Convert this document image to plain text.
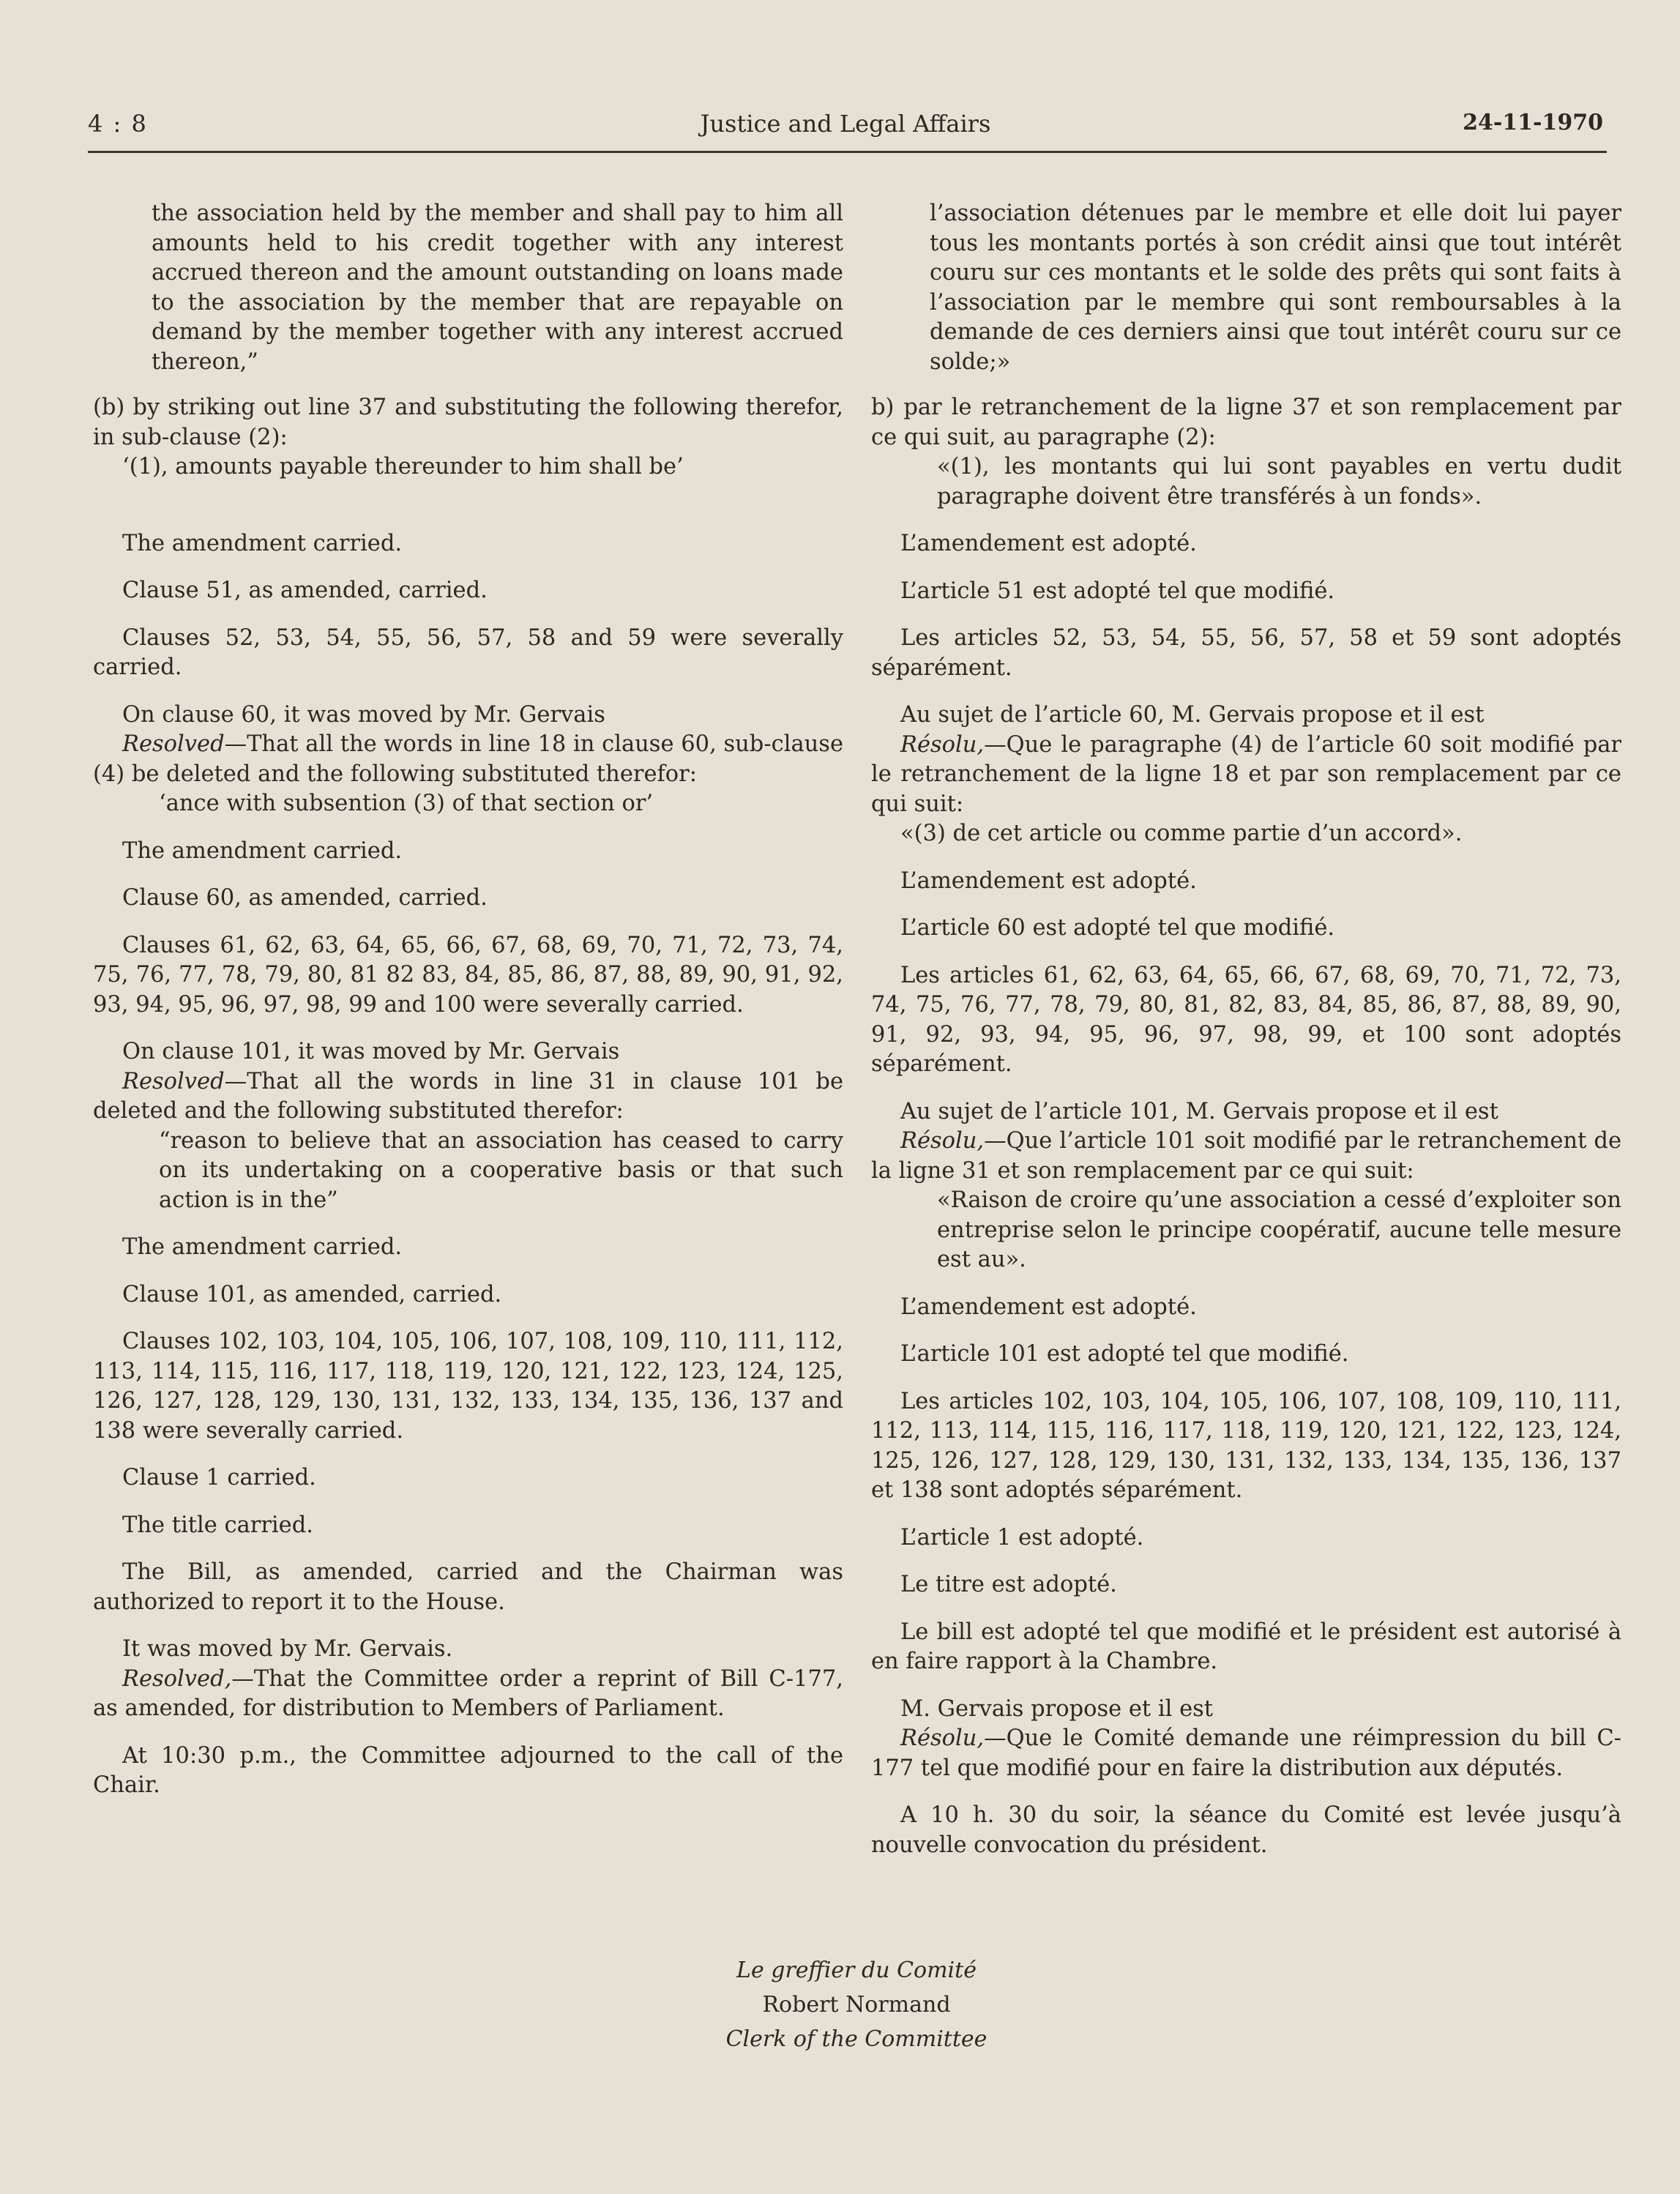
4 : 8	Justice and Legal Affairs	24-11-1970

the association held by the member and shall pay to him all amounts held to his credit together with any interest accrued thereon and the amount outstanding on loans made to the association by the member that are repayable on demand by the member together with any interest accrued thereon,”

(b) by striking out line 37 and substituting the following therefor, in sub-clause (2):

‘(1), amounts payable thereunder to him shall be’

The amendment carried.

Clause 51, as amended, carried.

Clauses 52, 53, 54, 55, 56, 57, 58 and 59 were severally carried.

On clause 60, it was moved by Mr. Gervais

Resolved—That all the words in line 18 in clause 60, sub-clause (4) be deleted and the following substituted therefor:

‘ance with subsention (3) of that section or’

The amendment carried.

Clause 60, as amended, carried.

Clauses 61, 62, 63, 64, 65, 66, 67, 68, 69, 70, 71, 72, 73, 74, 75, 76, 77, 78, 79, 80, 81 82 83, 84, 85, 86, 87, 88, 89, 90, 91, 92, 93, 94, 95, 96, 97, 98, 99 and 100 were severally carried.

On clause 101, it was moved by Mr. Gervais

Resolved—That all the words in line 31 in clause 101 be deleted and the following substituted therefor:

“reason to believe that an association has ceased to carry on its undertaking on a cooperative basis or that such action is in the”

The amendment carried.

Clause 101, as amended, carried.

Clauses 102, 103, 104, 105, 106, 107, 108, 109, 110, 111, 112, 113, 114, 115, 116, 117, 118, 119, 120, 121, 122, 123, 124, 125, 126, 127, 128, 129, 130, 131, 132, 133, 134, 135, 136, 137 and 138 were severally carried.

Clause 1 carried.

The title carried.

The Bill, as amended, carried and the Chairman was authorized to report it to the House.

It was moved by Mr. Gervais.

Resolved,—That the Committee order a reprint of Bill C-177, as amended, for distribution to Members of Parliament.

At 10:30 p.m., the Committee adjourned to the call of the Chair.

l’association détenues par le membre et elle doit lui payer tous les montants portés à son crédit ainsi que tout intérêt couru sur ces montants et le solde des prêts qui sont faits à l’association par le membre qui sont remboursables à la demande de ces derniers ainsi que tout intérêt couru sur ce solde;»

b) par le retranchement de la ligne 37 et son remplacement par ce qui suit, au paragraphe (2):

«(1), les montants qui lui sont payables en vertu dudit paragraphe doivent être transférés à un fonds».

L’amendement est adopté.

L’article 51 est adopté tel que modifié.

Les articles 52, 53, 54, 55, 56, 57, 58 et 59 sont adoptés séparément.

Au sujet de l’article 60, M. Gervais propose et il est

Résolu,—Que le paragraphe (4) de l’article 60 soit modifié par le retranchement de la ligne 18 et par son remplacement par ce qui suit:

«(3) de cet article ou comme partie d’un accord».

L’amendement est adopté.

L’article 60 est adopté tel que modifié.

Les articles 61, 62, 63, 64, 65, 66, 67, 68, 69, 70, 71, 72, 73, 74, 75, 76, 77, 78, 79, 80, 81, 82, 83, 84, 85, 86, 87, 88, 89, 90, 91, 92, 93, 94, 95, 96, 97, 98, 99, et 100 sont adoptés séparément.

Au sujet de l’article 101, M. Gervais propose et il est

Résolu,—Que l’article 101 soit modifié par le retranchement de la ligne 31 et son remplacement par ce qui suit:

«Raison de croire qu’une association a cessé d’exploiter son entreprise selon le principe coopératif, aucune telle mesure est au».

L’amendement est adopté.

L’article 101 est adopté tel que modifié.

Les articles 102, 103, 104, 105, 106, 107, 108, 109, 110, 111, 112, 113, 114, 115, 116, 117, 118, 119, 120, 121, 122, 123, 124, 125, 126, 127, 128, 129, 130, 131, 132, 133, 134, 135, 136, 137 et 138 sont adoptés séparément.

L’article 1 est adopté.

Le titre est adopté.

Le bill est adopté tel que modifié et le président est autorisé à en faire rapport à la Chambre.

M. Gervais propose et il est

Résolu,—Que le Comité demande une réimpression du bill C-177 tel que modifié pour en faire la distribution aux députés.

A 10 h. 30 du soir, la séance du Comité est levée jusqu’à nouvelle convocation du président.

Le greffier du Comité
Robert Normand
Clerk of the Committee
